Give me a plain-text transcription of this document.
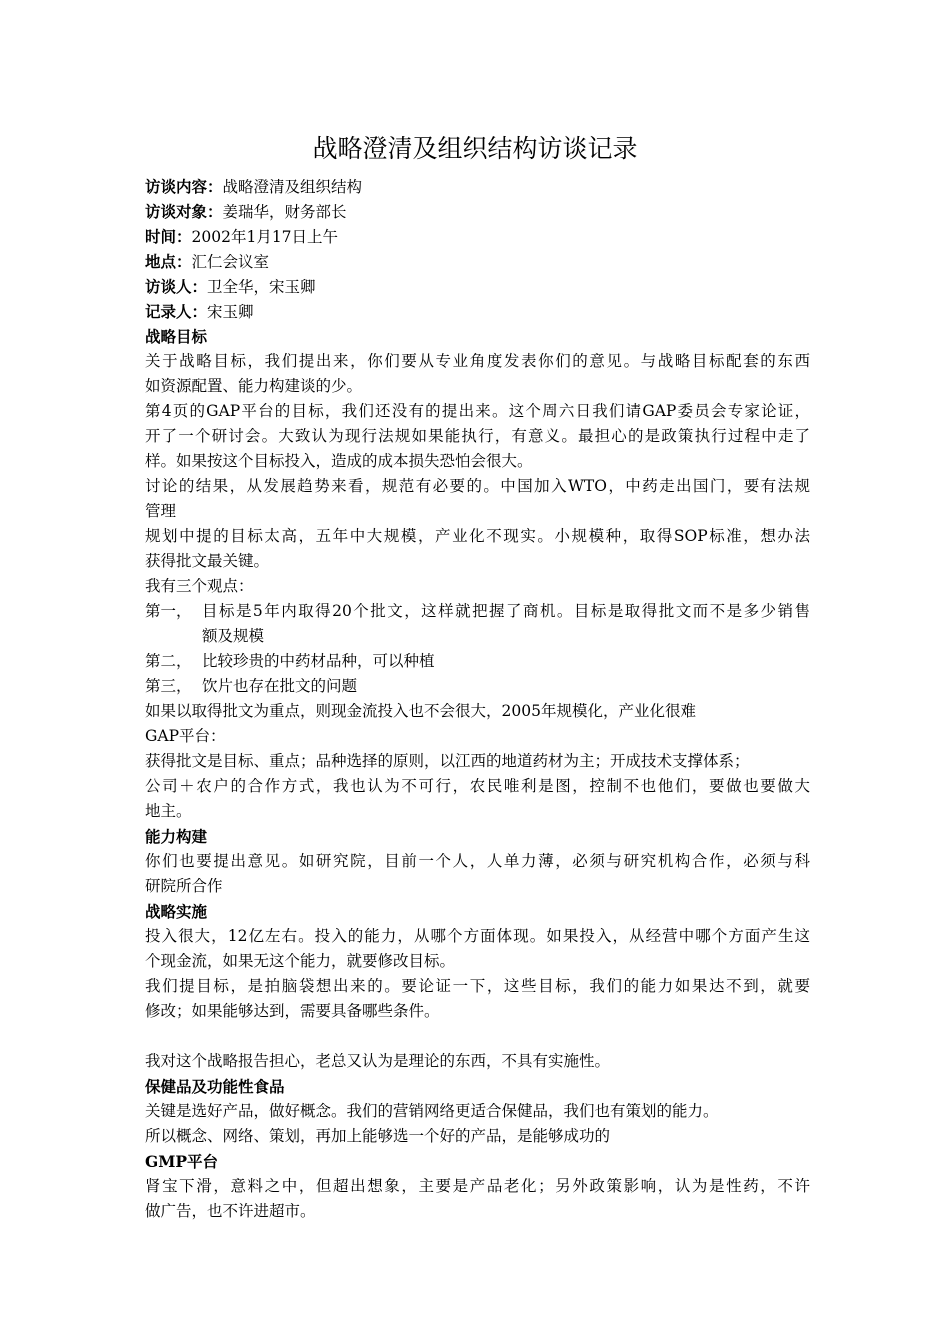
战略澄清及组织结构访谈记录
访谈内容：战略澄清及组织结构
访谈对象：姜瑞华，财务部长
时间：2002年1月17日上午
地点：汇仁会议室
访谈人：卫全华，宋玉卿
记录人：宋玉卿
战略目标
关于战略目标，我们提出来，你们要从专业角度发表你们的意见。与战略目标配套的东西
如资源配置、能力构建谈的少。
第4页的GAP平台的目标，我们还没有的提出来。这个周六日我们请GAP委员会专家论证，
开了一个研讨会。大致认为现行法规如果能执行，有意义。最担心的是政策执行过程中走了
样。如果按这个目标投入，造成的成本损失恐怕会很大。
讨论的结果，从发展趋势来看，规范有必要的。中国加入WTO，中药走出国门，要有法规
管理
规划中提的目标太高，五年中大规模，产业化不现实。小规模种，取得SOP标准，想办法
获得批文最关键。
我有三个观点：
第一， 目标是5年内取得20个批文，这样就把握了商机。目标是取得批文而不是多少销售
额及规模
第二， 比较珍贵的中药材品种，可以种植
第三， 饮片也存在批文的问题
如果以取得批文为重点，则现金流投入也不会很大，2005年规模化，产业化很难
GAP平台：
获得批文是目标、重点；品种选择的原则，以江西的地道药材为主；开成技术支撑体系；
公司＋农户的合作方式，我也认为不可行，农民唯利是图，控制不也他们，要做也要做大
地主。
能力构建
你们也要提出意见。如研究院，目前一个人，人单力薄，必须与研究机构合作，必须与科
研院所合作
战略实施
投入很大，12亿左右。投入的能力，从哪个方面体现。如果投入，从经营中哪个方面产生这
个现金流，如果无这个能力，就要修改目标。
我们提目标，是拍脑袋想出来的。要论证一下，这些目标，我们的能力如果达不到，就要
修改；如果能够达到，需要具备哪些条件。
我对这个战略报告担心，老总又认为是理论的东西，不具有实施性。
保健品及功能性食品
关键是选好产品，做好概念。我们的营销网络更适合保健品，我们也有策划的能力。
所以概念、网络、策划，再加上能够选一个好的产品，是能够成功的
GMP平台
肾宝下滑，意料之中，但超出想象，主要是产品老化；另外政策影响，认为是性药，不许
做广告，也不许进超市。
